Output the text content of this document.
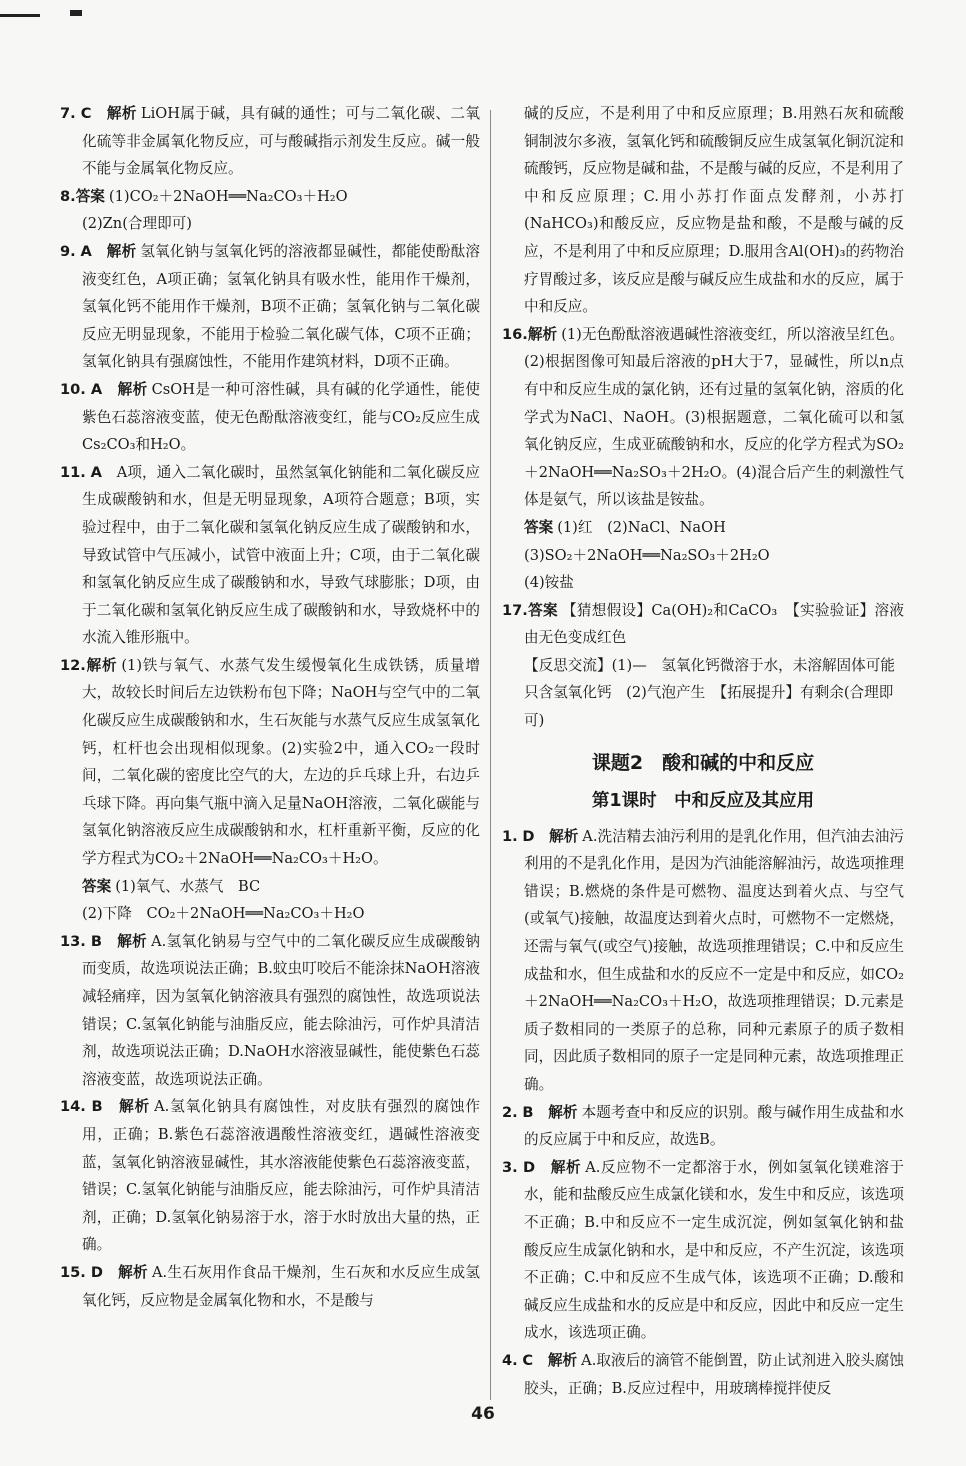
7. C　 解析 LiOH属于碱，具有碱的通性；可与二氧化碳、二氧化硫等非金属氧化物反应，可与酸碱指示剂发生反应。碱一般不能与金属氧化物反应。

8.答案 (1)CO₂＋2NaOH══Na₂CO₃＋H₂O

(2)Zn(合理即可)

9. A　 解析 氢氧化钠与氢氧化钙的溶液都显碱性，都能使酚酞溶液变红色，A项正确；氢氧化钠具有吸水性，能用作干燥剂，氢氧化钙不能用作干燥剂，B项不正确；氢氧化钠与二氧化碳反应无明显现象，不能用于检验二氧化碳气体，C项不正确；氢氧化钠具有强腐蚀性，不能用作建筑材料，D项不正确。

10. A　 解析 CsOH是一种可溶性碱，具有碱的化学通性，能使紫色石蕊溶液变蓝，使无色酚酞溶液变红，能与CO₂反应生成Cs₂CO₃和H₂O。

11. A　 A项，通入二氧化碳时，虽然氢氧化钠能和二氧化碳反应生成碳酸钠和水，但是无明显现象，A项符合题意；B项，实验过程中，由于二氧化碳和氢氧化钠反应生成了碳酸钠和水，导致试管中气压减小，试管中液面上升；C项，由于二氧化碳和氢氧化钠反应生成了碳酸钠和水，导致气球膨胀；D项，由于二氧化碳和氢氧化钠反应生成了碳酸钠和水，导致烧杯中的水流入锥形瓶中。

12.解析 (1)铁与氧气、水蒸气发生缓慢氧化生成铁锈，质量增大，故较长时间后左边铁粉布包下降；NaOH与空气中的二氧化碳反应生成碳酸钠和水，生石灰能与水蒸气反应生成氢氧化钙，杠杆也会出现相似现象。(2)实验2中，通入CO₂一段时间，二氧化碳的密度比空气的大，左边的乒乓球上升，右边乒乓球下降。再向集气瓶中滴入足量NaOH溶液，二氧化碳能与氢氧化钠溶液反应生成碳酸钠和水，杠杆重新平衡，反应的化学方程式为CO₂＋2NaOH══Na₂CO₃＋H₂O。

答案 (1)氧气、水蒸气　BC

(2)下降　CO₂＋2NaOH══Na₂CO₃＋H₂O

13. B　 解析 A.氢氧化钠易与空气中的二氧化碳反应生成碳酸钠而变质，故选项说法正确；B.蚊虫叮咬后不能涂抹NaOH溶液减轻痛痒，因为氢氧化钠溶液具有强烈的腐蚀性，故选项说法错误；C.氢氧化钠能与油脂反应，能去除油污，可作炉具清洁剂，故选项说法正确；D.NaOH水溶液显碱性，能使紫色石蕊溶液变蓝，故选项说法正确。

14. B　 解析 A.氢氧化钠具有腐蚀性，对皮肤有强烈的腐蚀作用，正确；B.紫色石蕊溶液遇酸性溶液变红，遇碱性溶液变蓝，氢氧化钠溶液显碱性，其水溶液能使紫色石蕊溶液变蓝，错误；C.氢氧化钠能与油脂反应，能去除油污，可作炉具清洁剂，正确；D.氢氧化钠易溶于水，溶于水时放出大量的热，正确。

15. D　 解析 A.生石灰用作食品干燥剂，生石灰和水反应生成氢氧化钙，反应物是金属氧化物和水，不是酸与

碱的反应，不是利用了中和反应原理；B.用熟石灰和硫酸铜制波尔多液，氢氧化钙和硫酸铜反应生成氢氧化铜沉淀和硫酸钙，反应物是碱和盐，不是酸与碱的反应，不是利用了中和反应原理；C.用小苏打作面点发酵剂，小苏打(NaHCO₃)和酸反应，反应物是盐和酸，不是酸与碱的反应，不是利用了中和反应原理；D.服用含Al(OH)₃的药物治疗胃酸过多，该反应是酸与碱反应生成盐和水的反应，属于中和反应。

16.解析 (1)无色酚酞溶液遇碱性溶液变红，所以溶液呈红色。(2)根据图像可知最后溶液的pH大于7，显碱性，所以n点有中和反应生成的氯化钠，还有过量的氢氧化钠，溶质的化学式为NaCl、NaOH。(3)根据题意，二氧化硫可以和氢氧化钠反应，生成亚硫酸钠和水，反应的化学方程式为SO₂＋2NaOH══Na₂SO₃＋2H₂O。(4)混合后产生的刺激性气体是氨气，所以该盐是铵盐。

答案 (1)红　(2)NaCl、NaOH

(3)SO₂＋2NaOH══Na₂SO₃＋2H₂O

(4)铵盐

17.答案 【猜想假设】Ca(OH)₂和CaCO₃　【实验验证】溶液由无色变成红色

【反思交流】(1)—　氢氧化钙微溶于水，未溶解固体可能只含氢氧化钙　(2)气泡产生　【拓展提升】有剩余(合理即可)

课题2　酸和碱的中和反应
第1课时　中和反应及其应用

1. D　 解析 A.洗洁精去油污利用的是乳化作用，但汽油去油污利用的不是乳化作用，是因为汽油能溶解油污，故选项推理错误；B.燃烧的条件是可燃物、温度达到着火点、与空气(或氧气)接触，故温度达到着火点时，可燃物不一定燃烧，还需与氧气(或空气)接触，故选项推理错误；C.中和反应生成盐和水，但生成盐和水的反应不一定是中和反应，如CO₂＋2NaOH══Na₂CO₃＋H₂O，故选项推理错误；D.元素是质子数相同的一类原子的总称，同种元素原子的质子数相同，因此质子数相同的原子一定是同种元素，故选项推理正确。

2. B　 解析 本题考查中和反应的识别。酸与碱作用生成盐和水的反应属于中和反应，故选B。

3. D　 解析 A.反应物不一定都溶于水，例如氢氧化镁难溶于水，能和盐酸反应生成氯化镁和水，发生中和反应，该选项不正确；B.中和反应不一定生成沉淀，例如氢氧化钠和盐酸反应生成氯化钠和水，是中和反应，不产生沉淀，该选项不正确；C.中和反应不生成气体，该选项不正确；D.酸和碱反应生成盐和水的反应是中和反应，因此中和反应一定生成水，该选项正确。

4. C　 解析 A.取液后的滴管不能倒置，防止试剂进入胶头腐蚀胶头，正确；B.反应过程中，用玻璃棒搅拌使反

46
